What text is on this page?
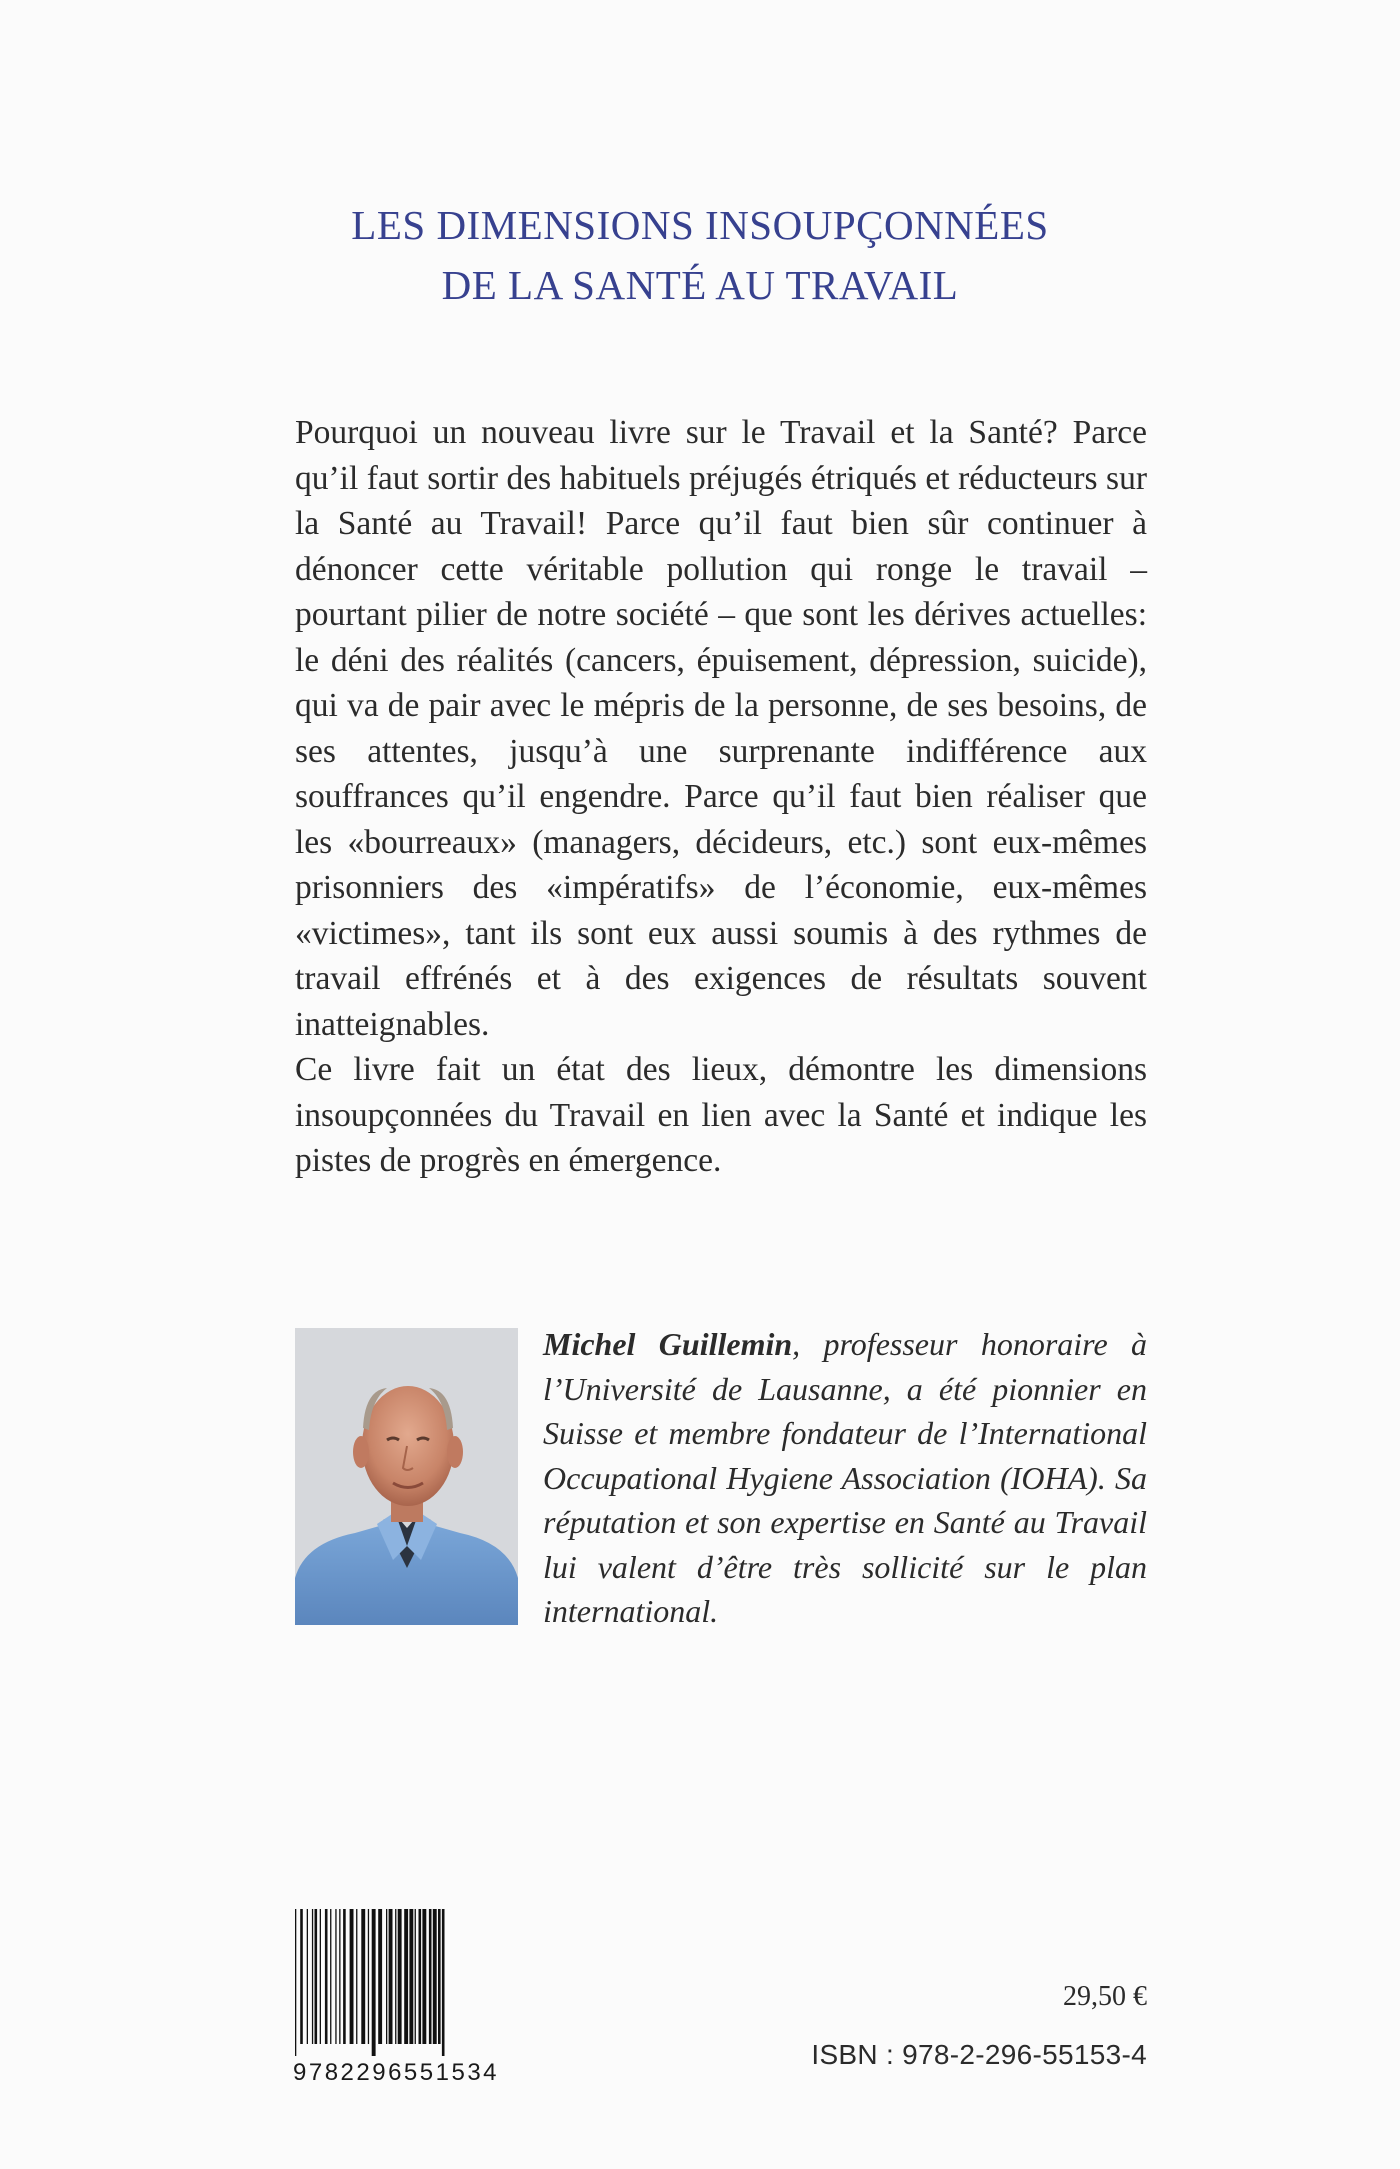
LES DIMENSIONS INSOUPÇONNÉES
DE LA SANTÉ AU TRAVAIL

Pourquoi un nouveau livre sur le Travail et la Santé? Parce qu’il faut sortir des habituels préjugés étriqués et réducteurs sur la Santé au Travail! Parce qu’il faut bien sûr continuer à dénoncer cette véritable pollution qui ronge le travail – pourtant pilier de notre société – que sont les dérives actuelles: le déni des réalités (cancers, épuisement, dépression, suicide), qui va de pair avec le mépris de la personne, de ses besoins, de ses attentes, jusqu’à une surprenante indifférence aux souffrances qu’il engendre. Parce qu’il faut bien réaliser que les «bourreaux» (managers, décideurs, etc.) sont eux-mêmes prisonniers des «impératifs» de l’économie, eux-mêmes «victimes», tant ils sont eux aussi soumis à des rythmes de travail effrénés et à des exigences de résultats souvent inatteignables.

Ce livre fait un état des lieux, démontre les dimensions insoupçonnées du Travail en lien avec la Santé et indique les pistes de progrès en émergence.

Michel Guillemin, professeur honoraire à l’Université de Lausanne, a été pionnier en Suisse et membre fondateur de l’International Occupational Hygiene Association (IOHA). Sa réputation et son expertise en Santé au Travail lui valent d’être très sollicité sur le plan international.
9782296551534
29,50 €
ISBN : 978-2-296-55153-4
